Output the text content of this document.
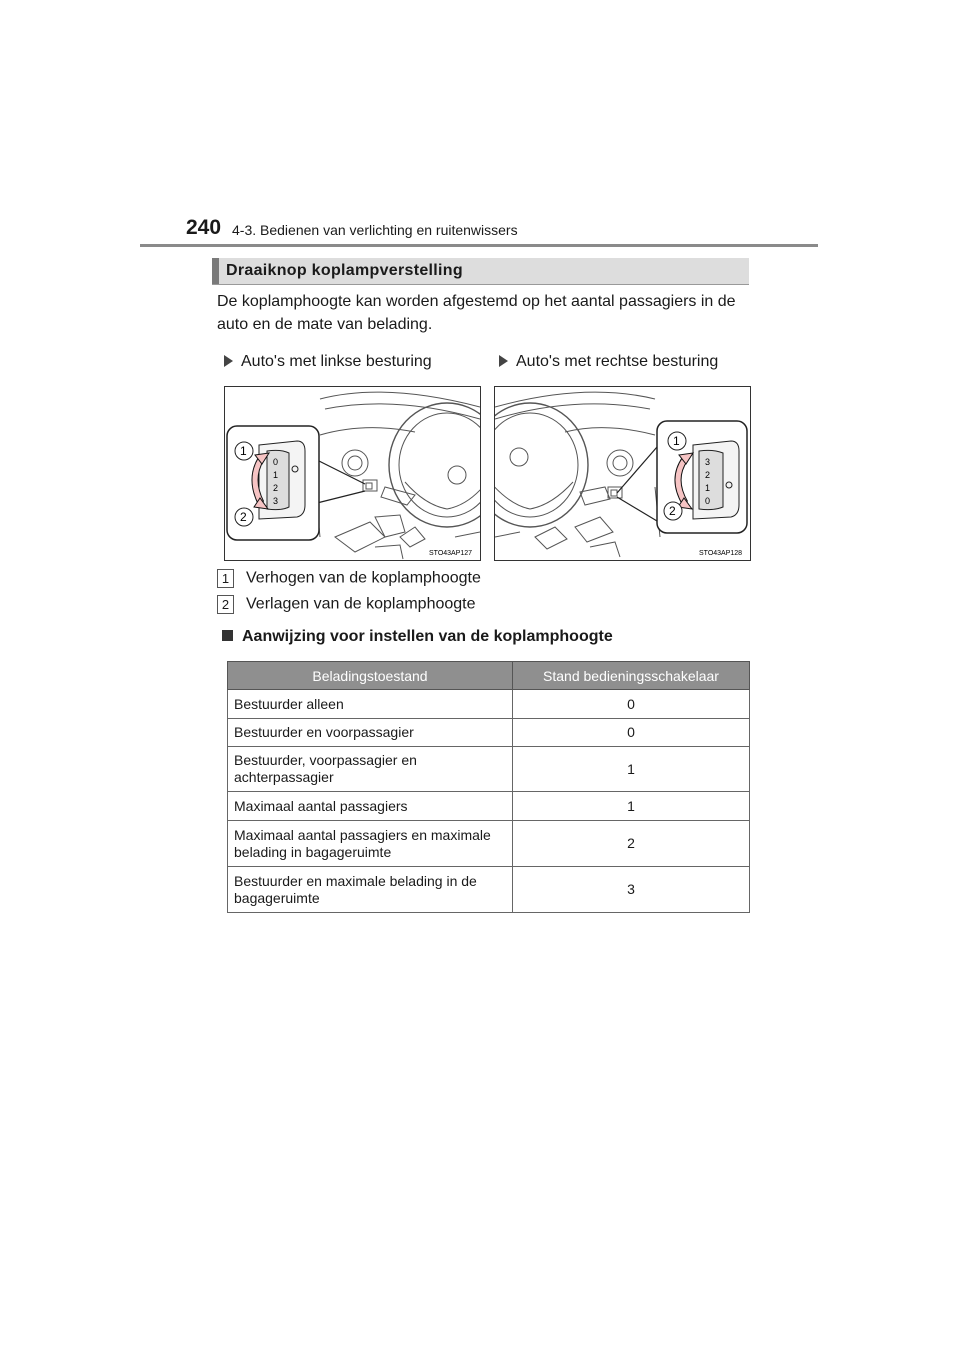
240 4-3. Bedienen van verlichting en ruitenwissers
Draaiknop koplampverstelling
De koplamphoogte kan worden afgestemd op het aantal passagiers in de auto en de mate van belading.
Auto's met linkse besturing	Auto's met rechtse besturing
0
1
2
3
1
2
STO43AP127
3
2
1
0
1
2
STO43AP128
1 Verhogen van de koplamphoogte
2 Verlagen van de koplamphoogte
Aanwijzing voor instellen van de koplamphoogte
Beladingstoestand	Stand bedieningsschakelaar
Bestuurder alleen	0
Bestuurder en voorpassagier	0
Bestuurder, voorpassagier en achterpassagier	1
Maximaal aantal passagiers	1
Maximaal aantal passagiers en maximale belading in bagageruimte	2
Bestuurder en maximale belading in de bagageruimte	3
